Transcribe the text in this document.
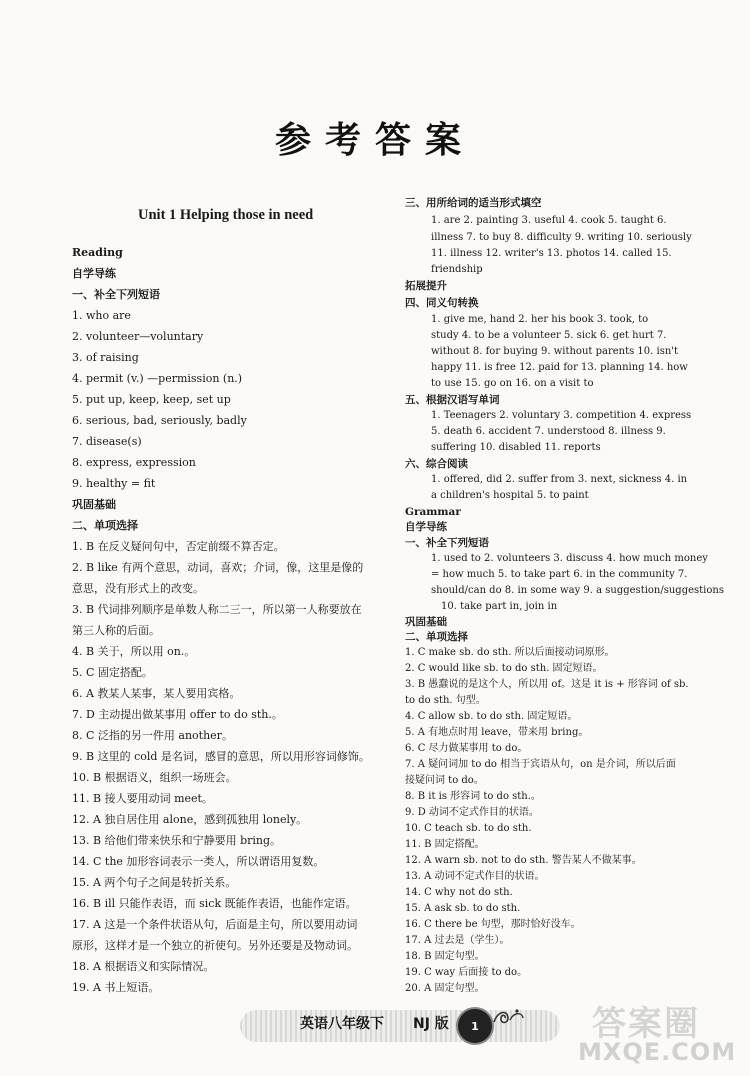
参考答案
Unit 1 Helping those in need
Reading
自学导练
一、补全下列短语
1. who are
2. volunteer—voluntary
3. of raising
4. permit (v.) —permission (n.)
5. put up, keep, keep, set up
6. serious, bad, seriously, badly
7. disease(s)
8. express, expression
9. healthy = fit
巩固基础
二、单项选择
1. B 在反义疑问句中，否定前缀不算否定。
2. B like 有两个意思，动词，喜欢；介词，像，这里是像的
意思，没有形式上的改变。
3. B 代词排列顺序是单数人称二三一，所以第一人称要放在
第三人称的后面。
4. B 关于，所以用 on.。
5. C 固定搭配。
6. A 教某人某事，某人要用宾格。
7. D 主动提出做某事用 offer to do sth.。
8. C 泛指的另一件用 another。
9. B 这里的 cold 是名词，感冒的意思，所以用形容词修饰。
10. B 根据语义，组织一场班会。
11. B 接人要用动词 meet。
12. A 独自居住用 alone，感到孤独用 lonely。
13. B 给他们带来快乐和宁静要用 bring。
14. C the 加形容词表示一类人，所以谓语用复数。
15. A 两个句子之间是转折关系。
16. B ill 只能作表语，而 sick 既能作表语，也能作定语。
17. A 这是一个条件状语从句，后面是主句，所以要用动词
原形，这样才是一个独立的祈使句。另外还要是及物动词。
18. A 根据语义和实际情况。
19. A 书上短语。
三、用所给词的适当形式填空
1. are 2. painting 3. useful 4. cook 5. taught 6.
illness 7. to buy 8. difficulty 9. writing 10. seriously
11. illness 12. writer's 13. photos 14. called 15.
friendship
拓展提升
四、同义句转换
1. give me, hand 2. her his book 3. took, to
study 4. to be a volunteer 5. sick 6. get hurt 7.
without 8. for buying 9. without parents 10. isn't
happy 11. is free 12. paid for 13. planning 14. how
to use 15. go on 16. on a visit to
五、根据汉语写单词
1. Teenagers 2. voluntary 3. competition 4. express
5. death 6. accident 7. understood 8. illness 9.
suffering 10. disabled 11. reports
六、综合阅读
1. offered, did 2. suffer from 3. next, sickness 4. in
a children's hospital 5. to paint
Grammar
自学导练
一、补全下列短语
1. used to 2. volunteers 3. discuss 4. how much money
= how much 5. to take part 6. in the community 7.
should/can do 8. in some way 9. a suggestion/suggestions
10. take part in, join in
巩固基础
二、单项选择
1. C make sb. do sth. 所以后面接动词原形。
2. C would like sb. to do sth. 固定短语。
3. B 愚蠢说的是这个人，所以用 of。这是 it is + 形容词 of sb.
to do sth. 句型。
4. C allow sb. to do sth. 固定短语。
5. A 有地点时用 leave，带来用 bring。
6. C 尽力做某事用 to do。
7. A 疑问词加 to do 相当于宾语从句，on 是介词，所以后面
接疑问词 to do。
8. B it is 形容词 to do sth.。
9. D 动词不定式作目的状语。
10. C teach sb. to do sth.
11. B 固定搭配。
12. A warn sb. not to do sth. 警告某人不做某事。
13. A 动词不定式作目的状语。
14. C why not do sth.
15. A ask sb. to do sth.
16. C there be 句型，那时恰好没车。
17. A 过去是（学生）。
18. B 固定句型。
19. C way 后面接 to do。
20. A 固定句型。
英语八年级下 NJ 版	1	答案圈
MXQE.COM
